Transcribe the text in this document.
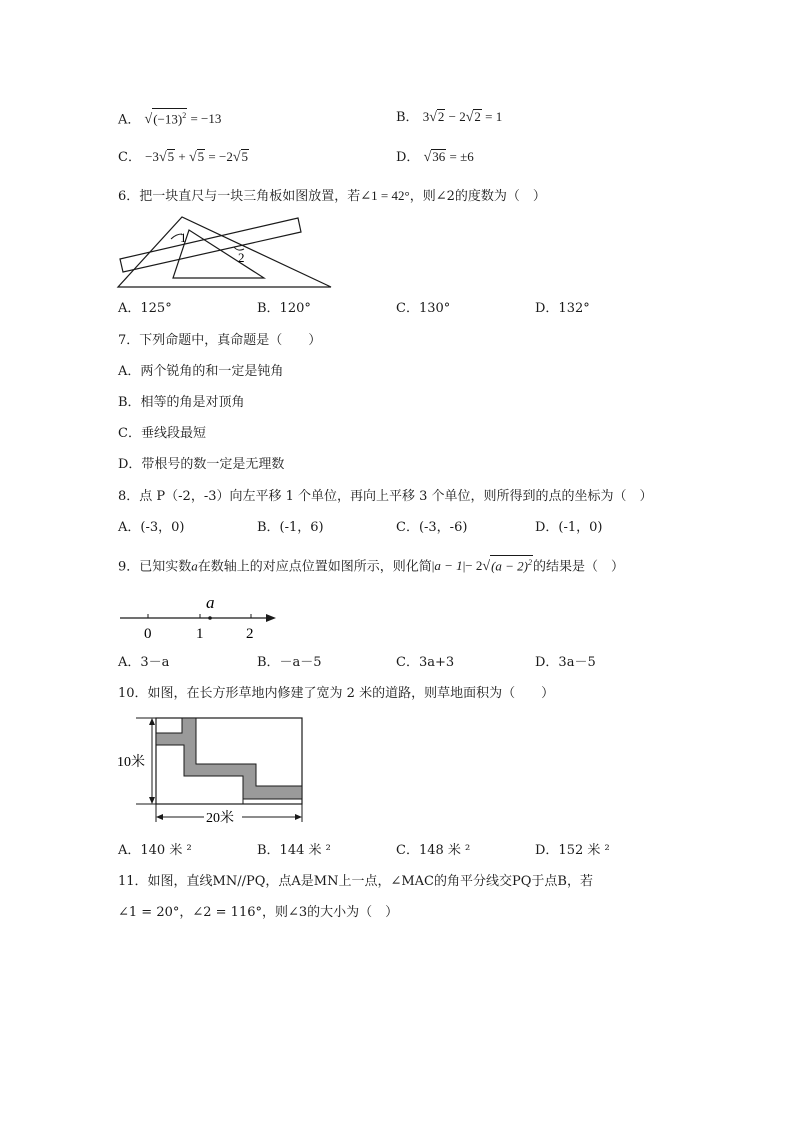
A． $√(-13)^2 = -13$	B． 3√2 − 2√2 = 1
C． −3√5 + √5 = −2√5	D． √36 = ±6
6．把一块直尺与一块三角板如图放置，若∠1 = 42°，则∠2的度数为（　）
1
2
A．125°	B．120°	C．130°	D．132°
7．下列命题中，真命题是（　　）
A．两个锐角的和一定是钝角
B．相等的角是对顶角
C．垂线段最短
D．带根号的数一定是无理数
8．点 P（-2，-3）向左平移 1 个单位，再向上平移 3 个单位，则所得到的点的坐标为（　）
A．(-3，0)	B．(-1，6)	C．(-3，-6)	D．(-1，0)
9．已知实数a在数轴上的对应点位置如图所示，则化简$|a - 1|- 2√(a - 2)^2$的结果是（　）
a
0	1	2
A．3－a	B．－a－5	C．3a+3	D．3a－5
10．如图，在长方形草地内修建了宽为 2 米的道路，则草地面积为（　　）
10米
20米
A．140 米 ²	B．144 米 ²	C．148 米 ²	D．152 米 ²
11．如图，直线MN//PQ，点A是MN上一点，∠MAC的角平分线交PQ于点B，若
∠1 = 20°，∠2 = 116°，则∠3的大小为（　）
